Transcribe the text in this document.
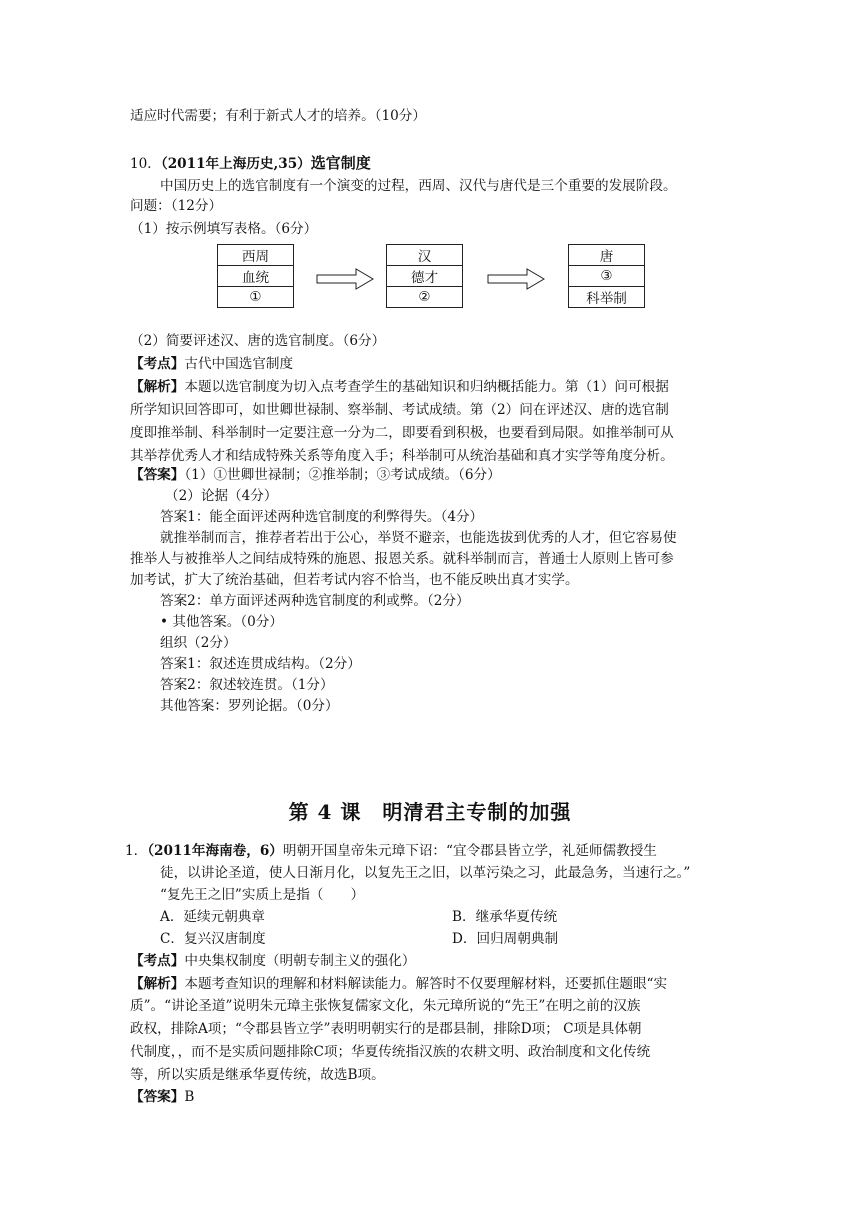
适应时代需要；有利于新式人才的培养。（10分）
10．（2011年上海历史,35）选官制度
中国历史上的选官制度有一个演变的过程，西周、汉代与唐代是三个重要的发展阶段。
问题：（12分）
（1）按示例填写表格。（6分）
西周
血统
①
汉
德才
②
唐
③
科举制
（2）简要评述汉、唐的选官制度。（6分）
【考点】古代中国选官制度
【解析】本题以选官制度为切入点考查学生的基础知识和归纳概括能力。第（1）问可根据
所学知识回答即可，如世卿世禄制、察举制、考试成绩。第（2）问在评述汉、唐的选官制
度即推举制、科举制时一定要注意一分为二，即要看到积极，也要看到局限。如推举制可从
其举荐优秀人才和结成特殊关系等角度入手；科举制可从统治基础和真才实学等角度分析。
【答案】（1）①世卿世禄制；②推举制；③考试成绩。（6分）
（2）论据（4分）
答案1：能全面评述两种选官制度的利弊得失。（4分）
就推举制而言，推荐者若出于公心，举贤不避亲，也能选拔到优秀的人才，但它容易使
推举人与被推举人之间结成特殊的施恩、报恩关系。就科举制而言，普通士人原则上皆可参
加考试，扩大了统治基础，但若考试内容不恰当，也不能反映出真才实学。
答案2：单方面评述两种选官制度的利或弊。（2分）
• 其他答案。（0分）
组织（2分）
答案1：叙述连贯成结构。（2分）
答案2：叙述较连贯。（1分）
其他答案：罗列论据。（0分）
第 4 课　明清君主专制的加强
1．（2011年海南卷，6）明朝开国皇帝朱元璋下诏：“宜令郡县皆立学，礼延师儒教授生
徒，以讲论圣道，使人日渐月化，以复先王之旧，以革污染之习，此最急务，当速行之。”
“复先王之旧”实质上是指（　　）
A．延续元朝典章	B．继承华夏传统
C．复兴汉唐制度	D．回归周朝典制
【考点】中央集权制度（明朝专制主义的强化）
【解析】本题考查知识的理解和材料解读能力。解答时不仅要理解材料，还要抓住题眼“实
质”。“讲论圣道”说明朱元璋主张恢复儒家文化，朱元璋所说的“先王”在明之前的汉族
政权，排除A项；“令郡县皆立学”表明明朝实行的是郡县制，排除D项； C项是具体朝
代制度，，而不是实质问题排除C项；华夏传统指汉族的农耕文明、政治制度和文化传统
等，所以实质是继承华夏传统，故选B项。
【答案】B
